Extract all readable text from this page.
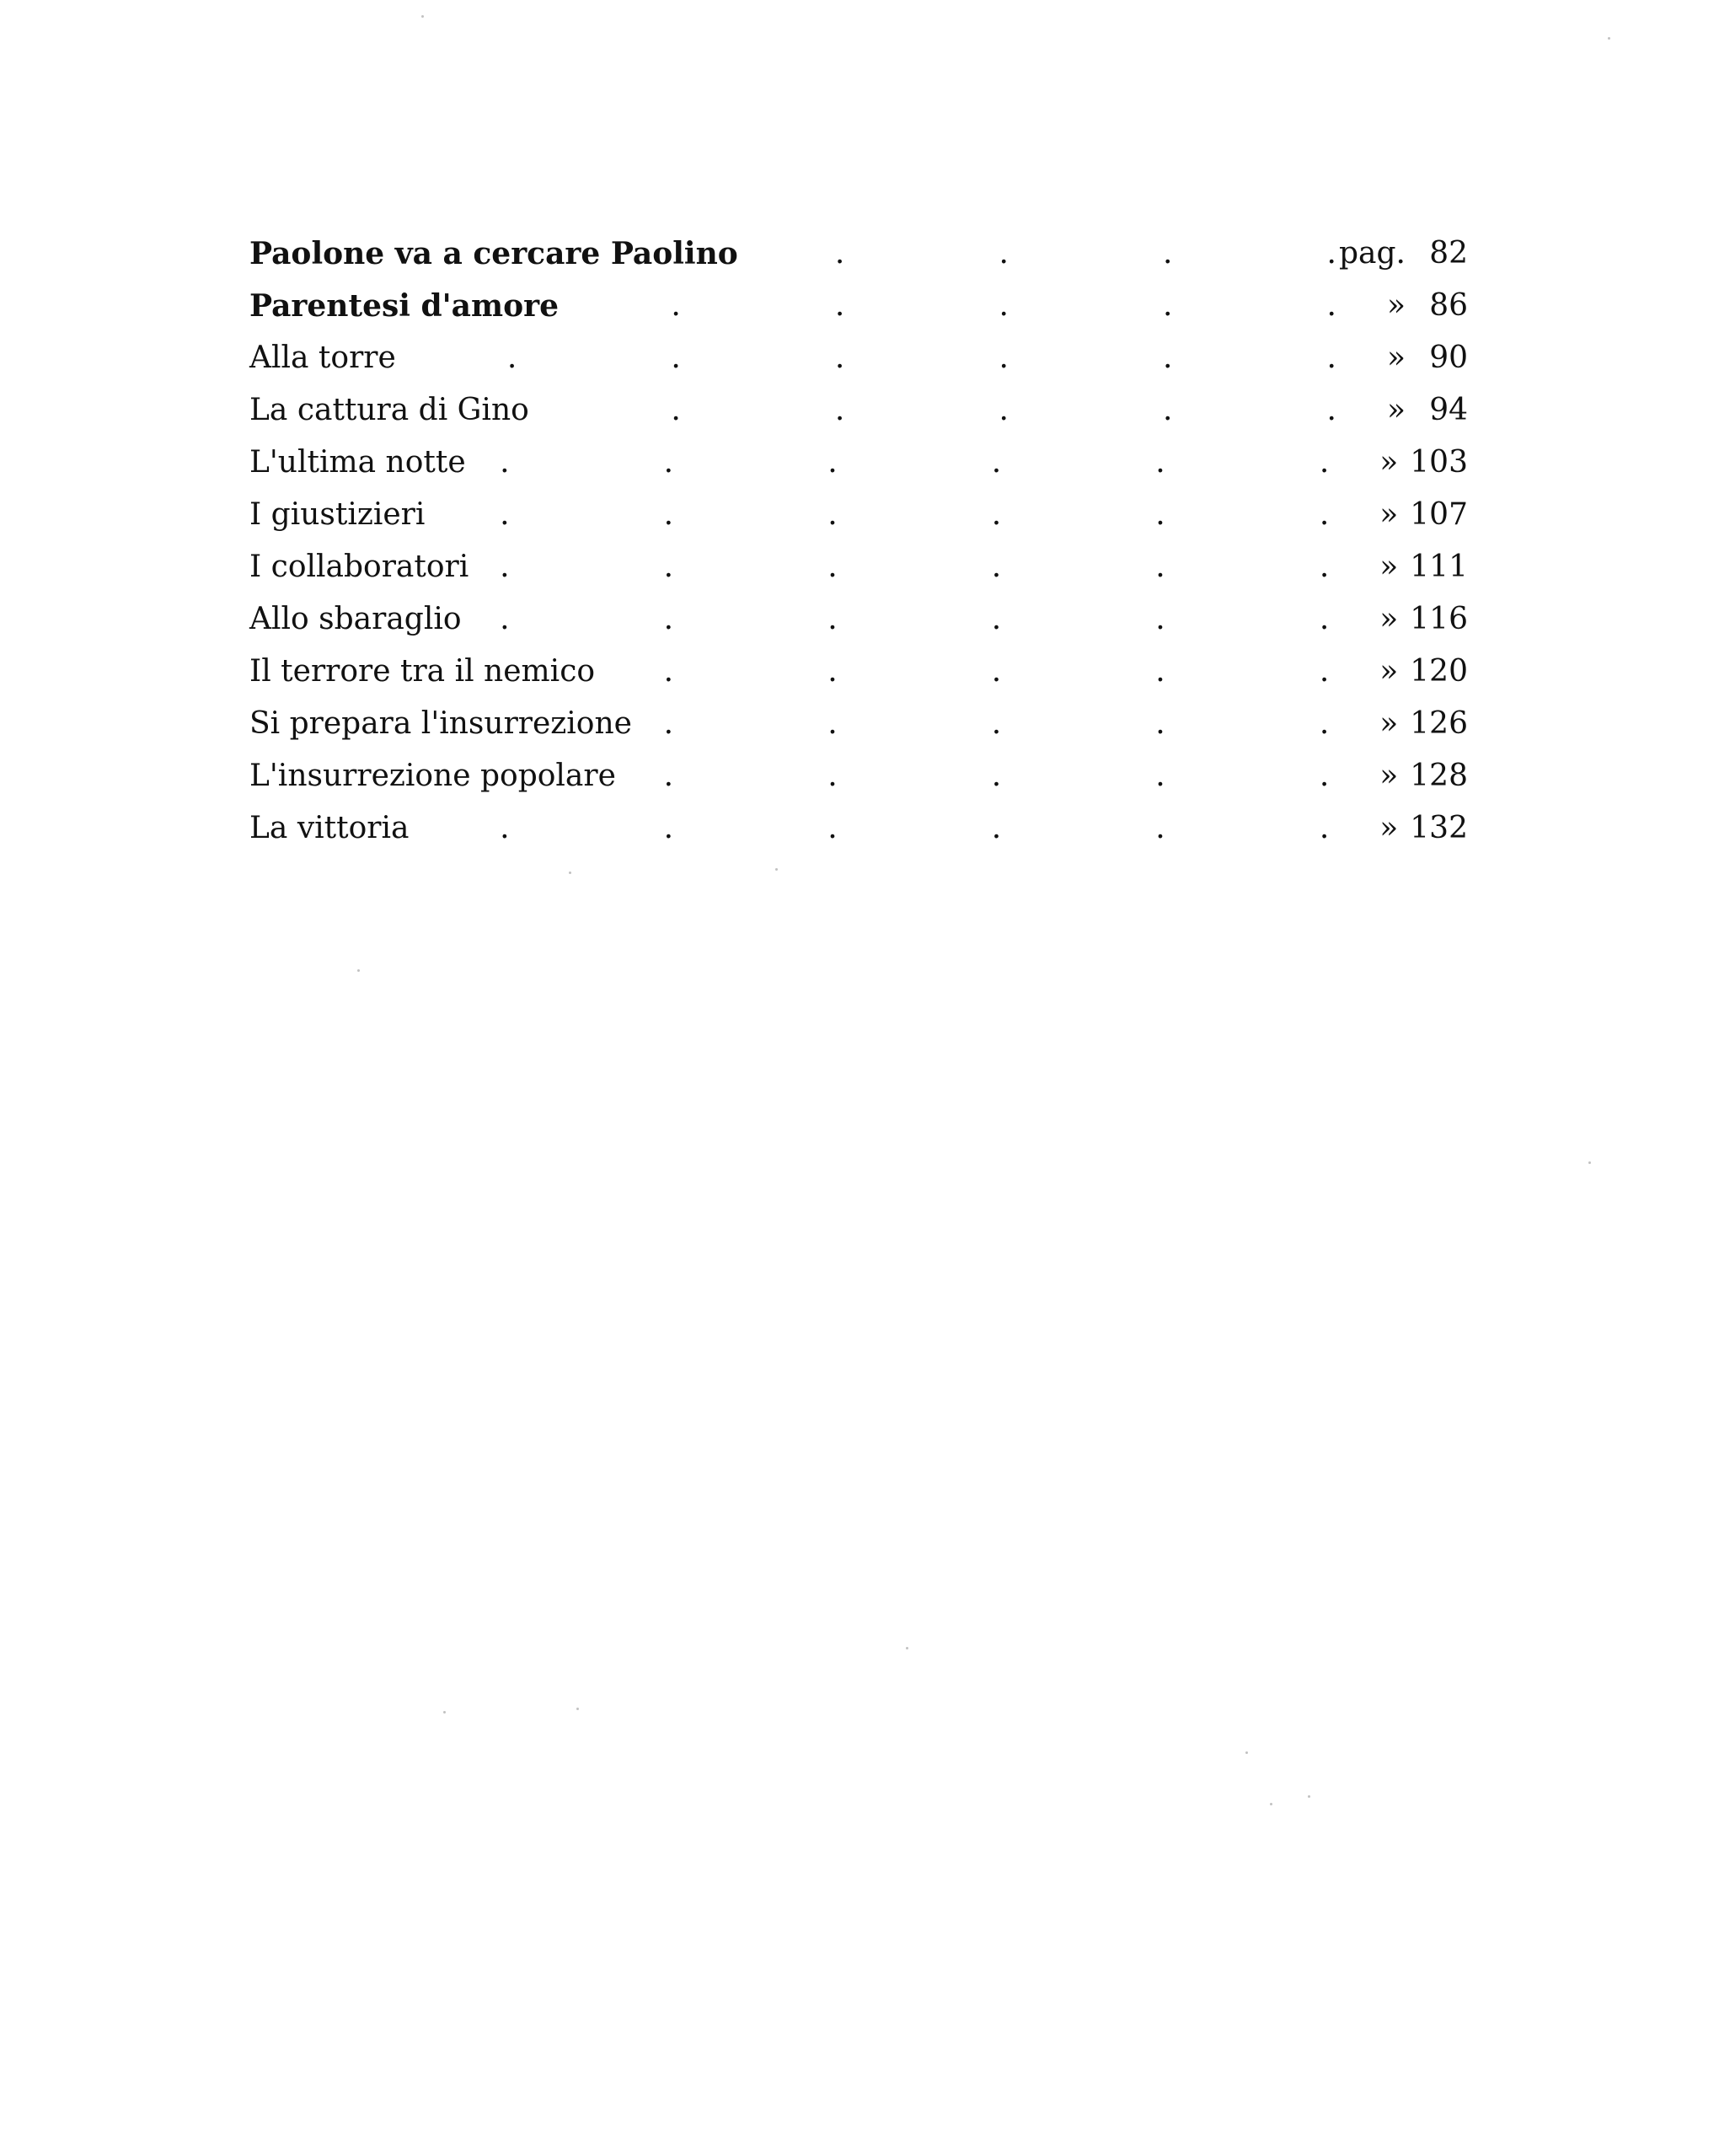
Paolone va a cercare Paolino .	pag. 82
Parentesi d'amore .	» 86
Alla torre .	» 90
La cattura di Gino .	» 94
L'ultima notte .	» 103
I giustizieri .	» 107
I collaboratori .	» 111
Allo sbaraglio .	» 116
Il terrore tra il nemico .	» 120
Si prepara l'insurrezione .	» 126
L'insurrezione popolare .	» 128
La vittoria .	» 132
